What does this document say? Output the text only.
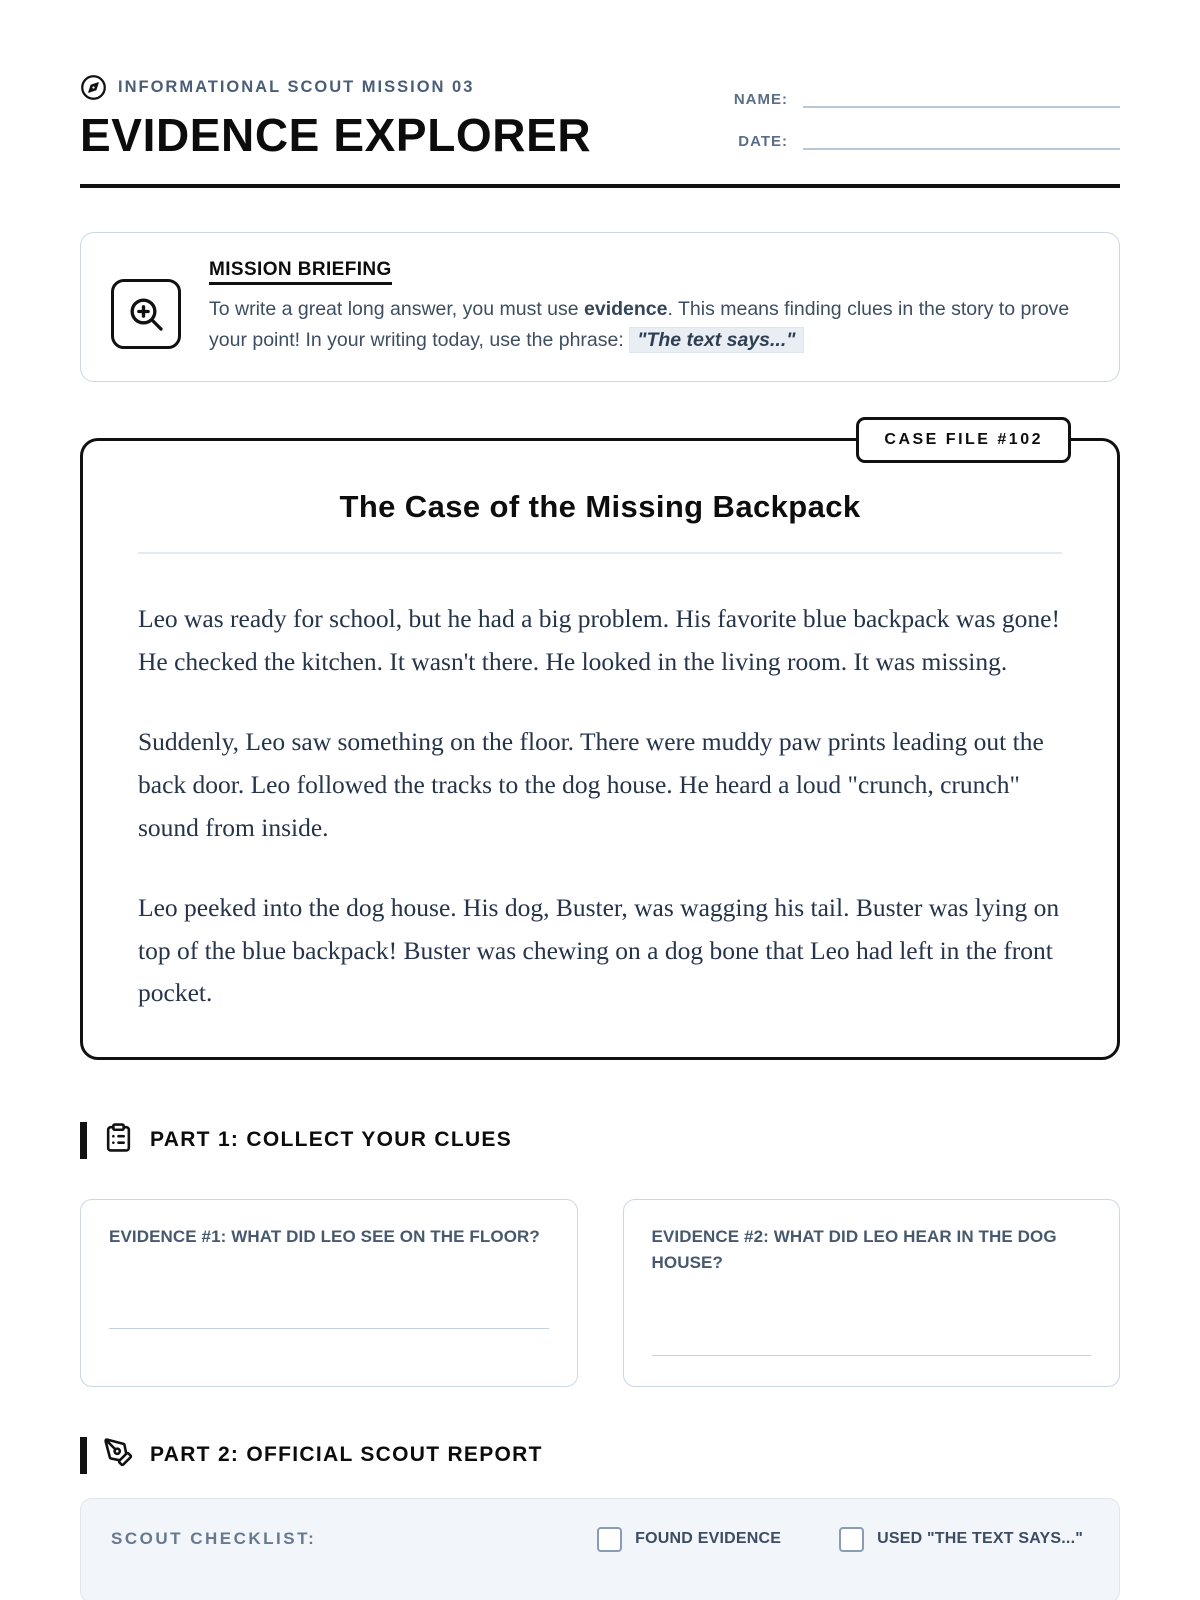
INFORMATIONAL SCOUT MISSION 03
EVIDENCE EXPLORER
NAME:
DATE:
MISSION BRIEFING

To write a great long answer, you must use evidence. This means finding clues in the story to prove your point! In your writing today, use the phrase: "The text says..."

CASE FILE #102
The Case of the Missing Backpack

Leo was ready for school, but he had a big problem. His favorite blue backpack was gone! He checked the kitchen. It wasn't there. He looked in the living room. It was missing.

Suddenly, Leo saw something on the floor. There were muddy paw prints leading out the back door. Leo followed the tracks to the dog house. He heard a loud "crunch, crunch" sound from inside.

Leo peeked into the dog house. His dog, Buster, was wagging his tail. Buster was lying on top of the blue backpack! Buster was chewing on a dog bone that Leo had left in the front pocket.

PART 1: COLLECT YOUR CLUES
EVIDENCE #1: WHAT DID LEO SEE ON THE FLOOR?	EVIDENCE #2: WHAT DID LEO HEAR IN THE DOG HOUSE?
PART 2: OFFICIAL SCOUT REPORT
SCOUT CHECKLIST:	FOUND EVIDENCE	USED "THE TEXT SAYS..."
